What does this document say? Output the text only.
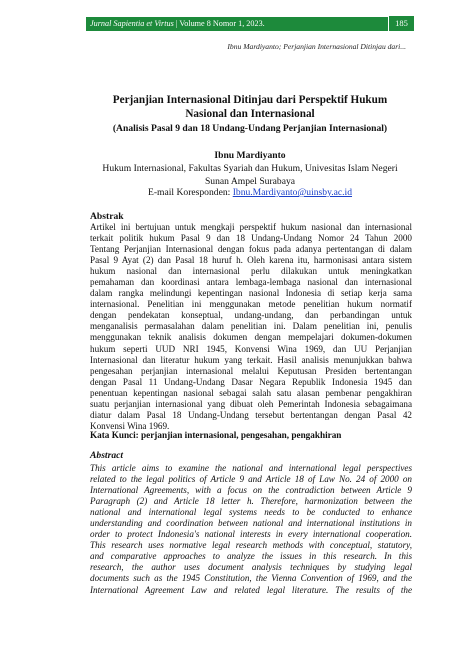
Jurnal Sapientia et Virtus | Volume 8 Nomor 1, 2023.	185
Ibnu Mardiyanto; Perjanjian Internasional Ditinjau dari...
Perjanjian Internasional Ditinjau dari Perspektif Hukum
Nasional dan Internasional
(Analisis Pasal 9 dan 18 Undang-Undang Perjanjian Internasional)
Ibnu Mardiyanto
Hukum Internasional, Fakultas Syariah dan Hukum, Univesitas Islam Negeri
Sunan Ampel Surabaya
E-mail Koresponden: Ibnu.Mardiyanto@uinsby.ac.id
Abstrak
Artikel ini bertujuan untuk mengkaji perspektif hukum nasional dan internasional
terkait politik hukum Pasal 9 dan 18 Undang-Undang Nomor 24 Tahun 2000
Tentang Perjanjian Internasional dengan fokus pada adanya pertentangan di dalam
Pasal 9 Ayat (2) dan Pasal 18 huruf h. Oleh karena itu, harmonisasi antara sistem
hukum nasional dan internasional perlu dilakukan untuk meningkatkan
pemahaman dan koordinasi antara lembaga-lembaga nasional dan internasional
dalam rangka melindungi kepentingan nasional Indonesia di setiap kerja sama
internasional. Penelitian ini menggunakan metode penelitian hukum normatif
dengan pendekatan konseptual, undang-undang, dan perbandingan untuk
menganalisis permasalahan dalam penelitian ini. Dalam penelitian ini, penulis
menggunakan teknik analisis dokumen dengan mempelajari dokumen-dokumen
hukum seperti UUD NRI 1945, Konvensi Wina 1969, dan UU Perjanjian
Internasional dan literatur hukum yang terkait. Hasil analisis menunjukkan bahwa
pengesahan perjanjian internasional melalui Keputusan Presiden bertentangan
dengan Pasal 11 Undang-Undang Dasar Negara Republik Indonesia 1945 dan
penentuan kepentingan nasional sebagai salah satu alasan pembenar pengakhiran
suatu perjanjian internasional yang dibuat oleh Pemerintah Indonesia sebagaimana
diatur dalam Pasal 18 Undang-Undang tersebut bertentangan dengan Pasal 42
Konvensi Wina 1969.
Kata Kunci: perjanjian internasional, pengesahan, pengakhiran
Abstract
This article aims to examine the national and international legal perspectives
related to the legal politics of Article 9 and Article 18 of Law No. 24 of 2000 on
International Agreements, with a focus on the contradiction between Article 9
Paragraph (2) and Article 18 letter h. Therefore, harmonization between the
national and international legal systems needs to be conducted to enhance
understanding and coordination between national and international institutions in
order to protect Indonesia's national interests in every international cooperation.
This research uses normative legal research methods with conceptual, statutory,
and comparative approaches to analyze the issues in this research. In this
research, the author uses document analysis techniques by studying legal
documents such as the 1945 Constitution, the Vienna Convention of 1969, and the
International Agreement Law and related legal literature. The results of the
